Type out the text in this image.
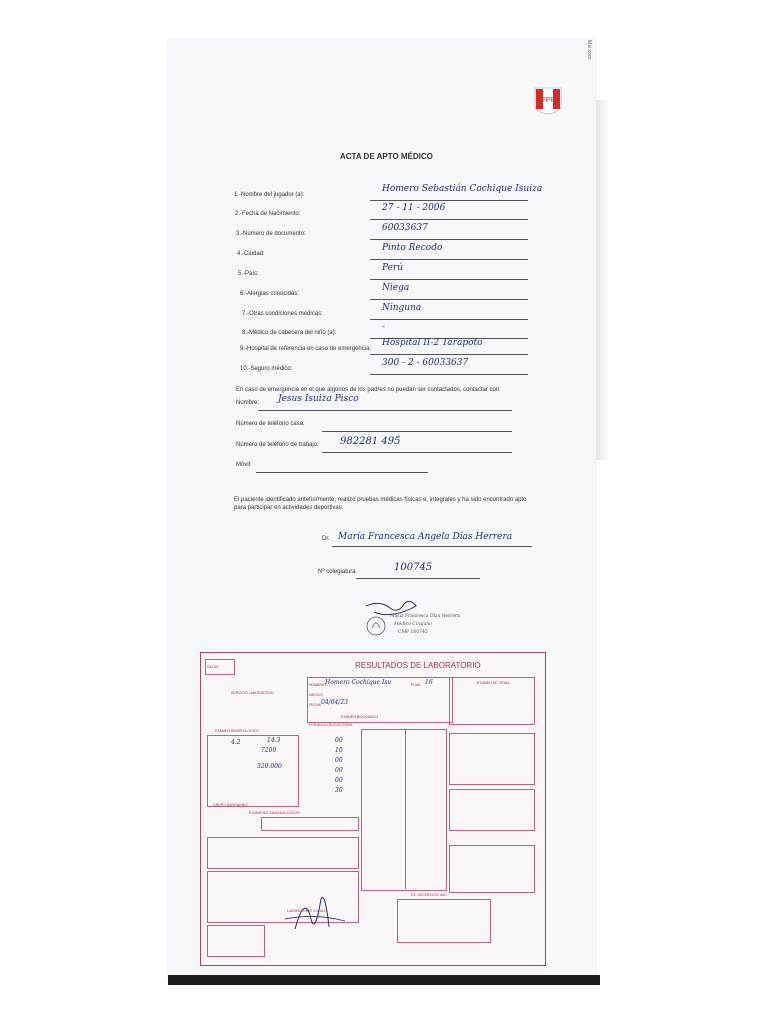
Mar.com
FPF
ACTA DE APTO MÉDICO
1.-Nombre del jugador (a):
Homero Sebastián Cochique Isuiza
2.-Fecha de Nacimiento:
27 - 11 - 2006
3.-Número de documento:
60033637
4.-Ciudad:
Pinto Recodo
5.-País:
Perú
6.-Alergias conocidas:
Niega
7.-Otras condiciones médicas:
Ninguna
8.-Médico de cabecera del niño (a):
-
9.-Hospital de referencia en caso de emergencia:
Hospital II-2 Tarapoto
10.-Seguro médico:
300 - 2 - 60033637
En caso de emergencia en el que algunos de los padres no puedan ser contactados, contactar con:
Nombre: Jesus Isuiza Pisco
Número de teléfono casa:
Número de teléfono de trabajo: 982281 495
Móvil:
El paciente identificado anteriormente, realizó pruebas médicas físicas e, integrales y ha sido encontrado apto para participar en actividades deportivas.
Dr. María Francesca Angela Días Herrera
Nº colegiatura	100745
María Francesca Días Herrera
Médico Cirujano
CMP 100745
SALUD
SERVICIO LABORATORIO
RESULTADOS DE LABORATORIO
NOMBRES
Homero Cochique Isu	EDAD 16
MEDICO
FECHA 04/04/23
EXAMEN BIOQUIMICO
EXAMEN DE ORINA
EXAMEN HEMATOLOGICO
FORMULA LEUCOCITARIA
4.2	14.3
7200
320.000
00
10
00
00
00
30
EXAMENES INMUNOLOGICOS
GRUPO SANGUINEO
DX. SECRECION VAG
LABORATORIO CLINICO
